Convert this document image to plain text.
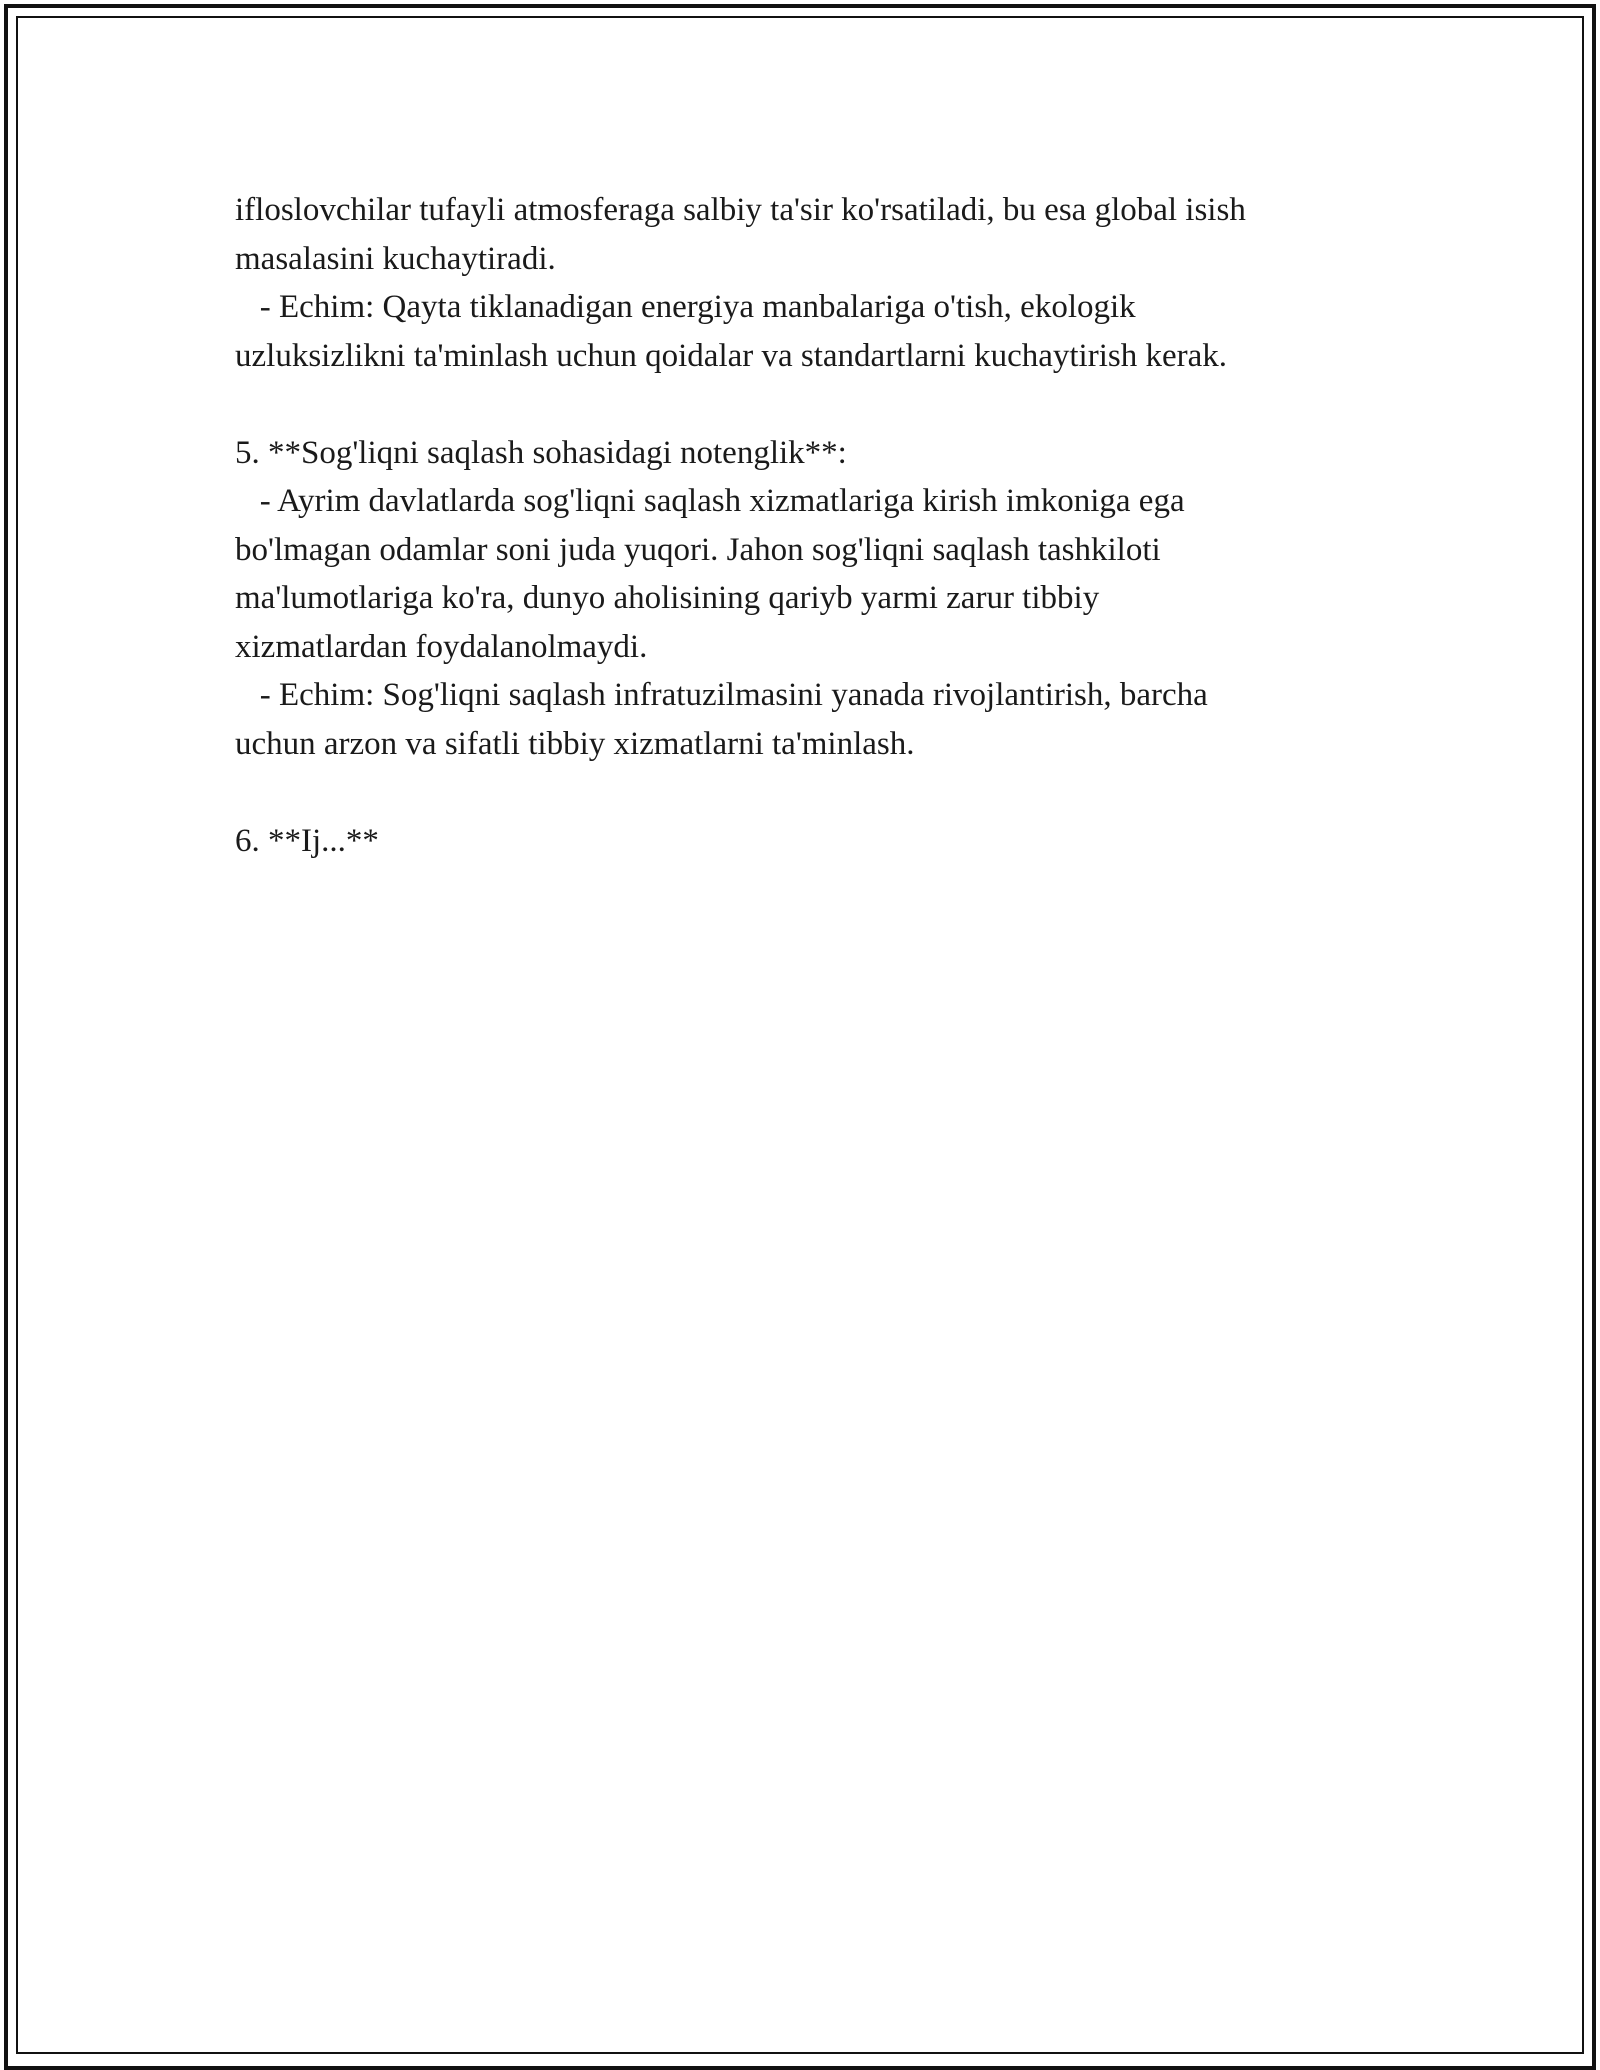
ifloslovchilar tufayli atmosferaga salbiy ta'sir ko'rsatiladi, bu esa global isish
masalasini kuchaytiradi.
- Echim: Qayta tiklanadigan energiya manbalariga o'tish, ekologik
uzluksizlikni ta'minlash uchun qoidalar va standartlarni kuchaytirish kerak.
5. **Sog'liqni saqlash sohasidagi notenglik**:
- Ayrim davlatlarda sog'liqni saqlash xizmatlariga kirish imkoniga ega
bo'lmagan odamlar soni juda yuqori. Jahon sog'liqni saqlash tashkiloti
ma'lumotlariga ko'ra, dunyo aholisining qariyb yarmi zarur tibbiy
xizmatlardan foydalanolmaydi.
- Echim: Sog'liqni saqlash infratuzilmasini yanada rivojlantirish, barcha
uchun arzon va sifatli tibbiy xizmatlarni ta'minlash.
6. **Ij...**
